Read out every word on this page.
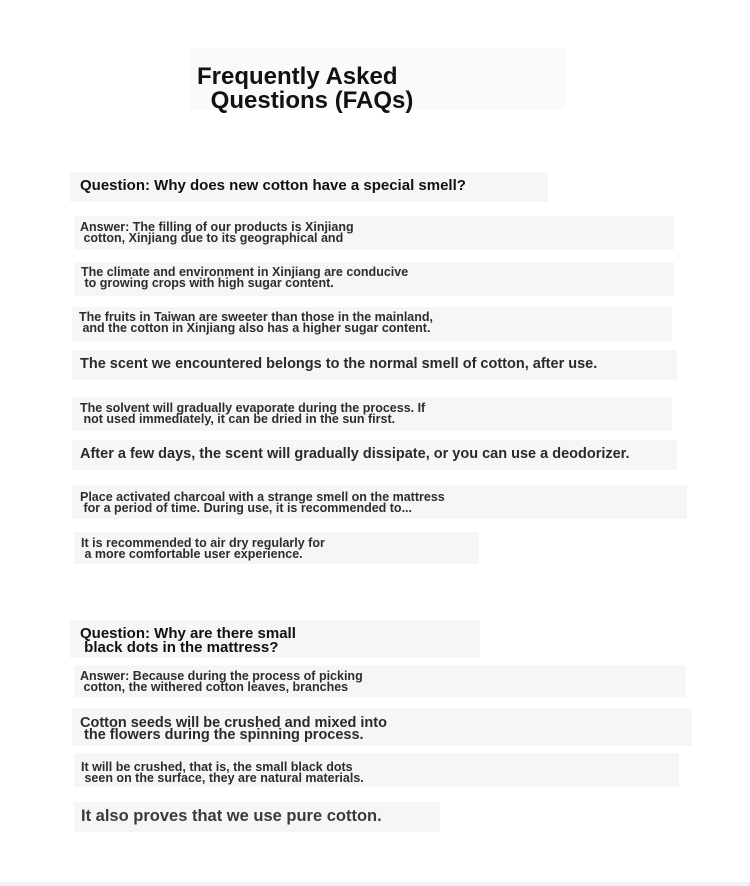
Frequently Asked
Questions (FAQs)
Question: Why does new cotton have a special smell?
Answer: The filling of our products is Xinjiang
cotton, Xinjiang due to its geographical and
The climate and environment in Xinjiang are conducive
to growing crops with high sugar content.
The fruits in Taiwan are sweeter than those in the mainland,
and the cotton in Xinjiang also has a higher sugar content.
The scent we encountered belongs to the normal smell of cotton, after use.
The solvent will gradually evaporate during the process. If
not used immediately, it can be dried in the sun first.
After a few days, the scent will gradually dissipate, or you can use a deodorizer.
Place activated charcoal with a strange smell on the mattress
for a period of time. During use, it is recommended to...
It is recommended to air dry regularly for
a more comfortable user experience.
Question: Why are there small
black dots in the mattress?
Answer: Because during the process of picking
cotton, the withered cotton leaves, branches
Cotton seeds will be crushed and mixed into
the flowers during the spinning process.
It will be crushed, that is, the small black dots
seen on the surface, they are natural materials.
It also proves that we use pure cotton.
